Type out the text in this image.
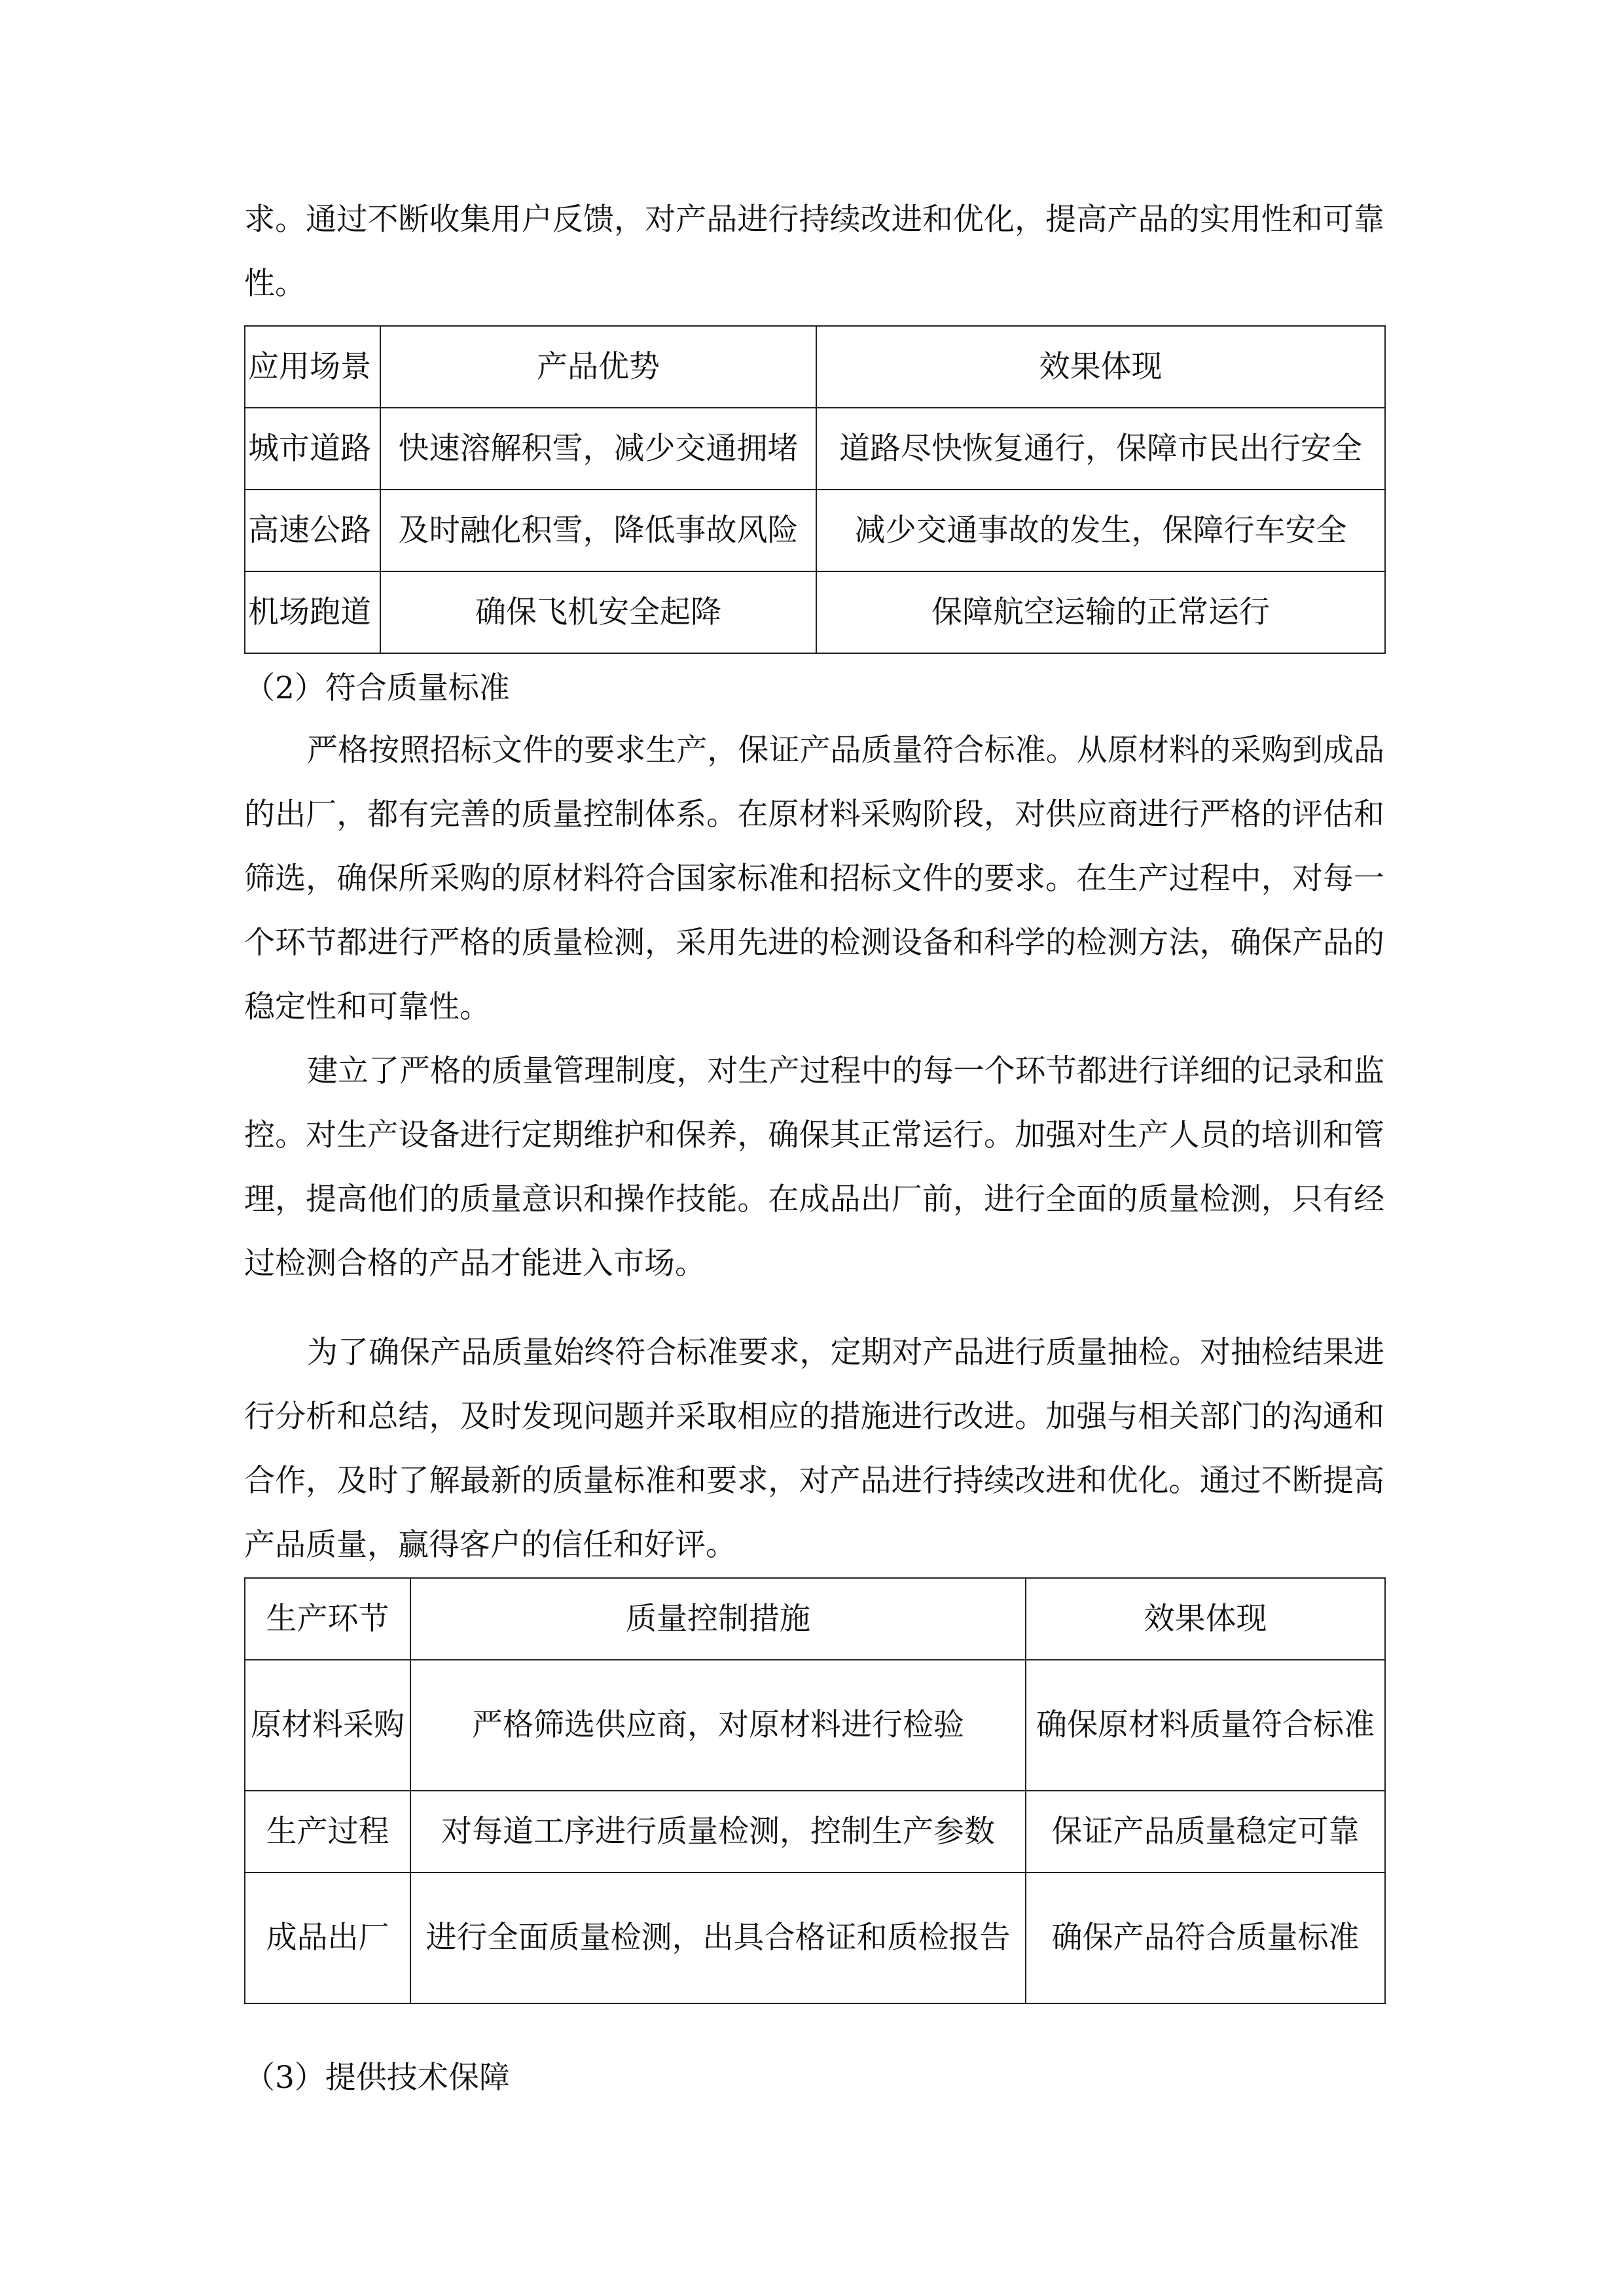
求。通过不断收集用户反馈，对产品进行持续改进和优化，提高产品的实用性和可靠性。

应用场景	产品优势	效果体现
城市道路	快速溶解积雪，减少交通拥堵	道路尽快恢复通行，保障市民出行安全
高速公路	及时融化积雪，降低事故风险	减少交通事故的发生，保障行车安全
机场跑道	确保飞机安全起降	保障航空运输的正常运行

（2）符合质量标准

严格按照招标文件的要求生产，保证产品质量符合标准。从原材料的采购到成品的出厂，都有完善的质量控制体系。在原材料采购阶段，对供应商进行严格的评估和筛选，确保所采购的原材料符合国家标准和招标文件的要求。在生产过程中，对每一个环节都进行严格的质量检测，采用先进的检测设备和科学的检测方法，确保产品的稳定性和可靠性。

建立了严格的质量管理制度，对生产过程中的每一个环节都进行详细的记录和监控。对生产设备进行定期维护和保养，确保其正常运行。加强对生产人员的培训和管理，提高他们的质量意识和操作技能。在成品出厂前，进行全面的质量检测，只有经过检测合格的产品才能进入市场。

为了确保产品质量始终符合标准要求，定期对产品进行质量抽检。对抽检结果进行分析和总结，及时发现问题并采取相应的措施进行改进。加强与相关部门的沟通和合作，及时了解最新的质量标准和要求，对产品进行持续改进和优化。通过不断提高产品质量，赢得客户的信任和好评。

生产环节	质量控制措施	效果体现
原材料采购	严格筛选供应商，对原材料进行检验	确保原材料质量符合标准
生产过程	对每道工序进行质量检测，控制生产参数	保证产品质量稳定可靠
成品出厂	进行全面质量检测，出具合格证和质检报告	确保产品符合质量标准

（3）提供技术保障
